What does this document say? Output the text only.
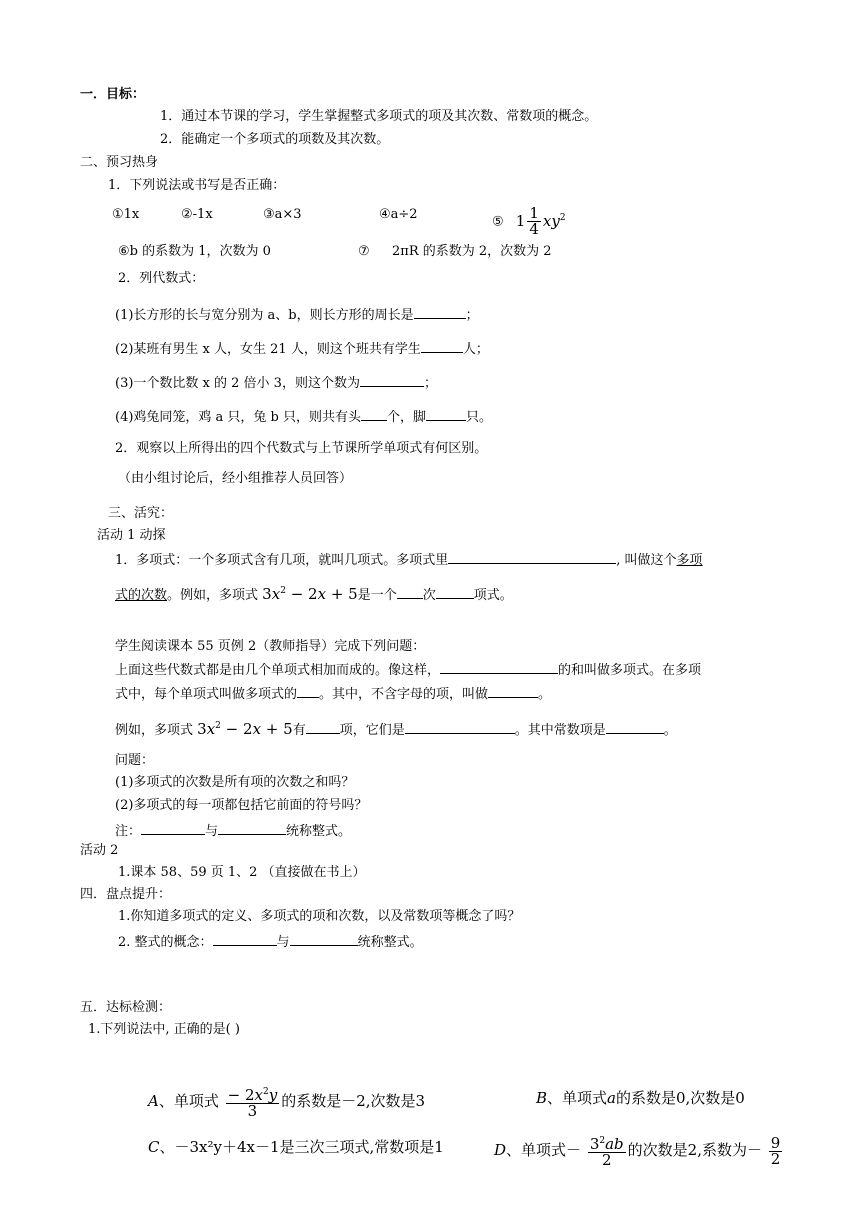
一．目标：
1．通过本节课的学习，学生掌握整式多项式的项及其次数、常数项的概念。
2．能确定一个多项式的项数及其次数。
二、预习热身
1．下列说法或书写是否正确：
①1x	②-1x	③a×3	④a÷2	⑤ $1 \frac{1}{4} xy^2$
⑥b 的系数为 1，次数为 0	⑦ 2πR 的系数为 2，次数为 2
2．列代数式：
(1)长方形的长与宽分别为 a、b，则长方形的周长是	；
(2)某班有男生 x 人，女生 21 人，则这个班共有学生	人；
(3)一个数比数 x 的 2 倍小 3，则这个数为	；
(4)鸡兔同笼，鸡 a 只，兔 b 只，则共有头 个，脚	只。
2．观察以上所得出的四个代数式与上节课所学单项式有何区别。
（由小组讨论后，经小组推荐人员回答）
三、活究：
活动 1 动探
1．多项式：一个多项式含有几项，就叫几项式。多项式里	, 叫做这个多项
式的次数。例如，多项式 $3x^2 - 2x + 5$是一个 次	项式。
学生阅读课本 55 页例 2（教师指导）完成下列问题：
上面这些代数式都是由几个单项式相加而成的。像这样，	的和叫做多项式。在多项
式中，每个单项式叫做多项式的 。其中，不含字母的项，叫做	。
例如，多项式 $3x^2 - 2x + 5$有	项，它们是	。其中常数项是	。
问题：
(1)多项式的次数是所有项的次数之和吗？
(2)多项式的每一项都包括它前面的符号吗？
注：	与	统称整式。
活动 2
1.课本 58、59 页 1、2 （直接做在书上）
四．盘点提升：
1.你知道多项式的定义、多项式的项和次数，以及常数项等概念了吗？
2. 整式的概念：	与	统称整式。
五．达标检测：
1.下列说法中, 正确的是( )
A、单项式 $\frac{- 2x^2y}{3}$ 的系数是－2,次数是3	B、单项式a的系数是0,次数是0
C、－3x²y＋4x－1是三次三项式,常数项是1	D、单项式－ $\frac{3^2ab}{2}$ 的次数是2,系数为－ $\frac{9}{2}$
